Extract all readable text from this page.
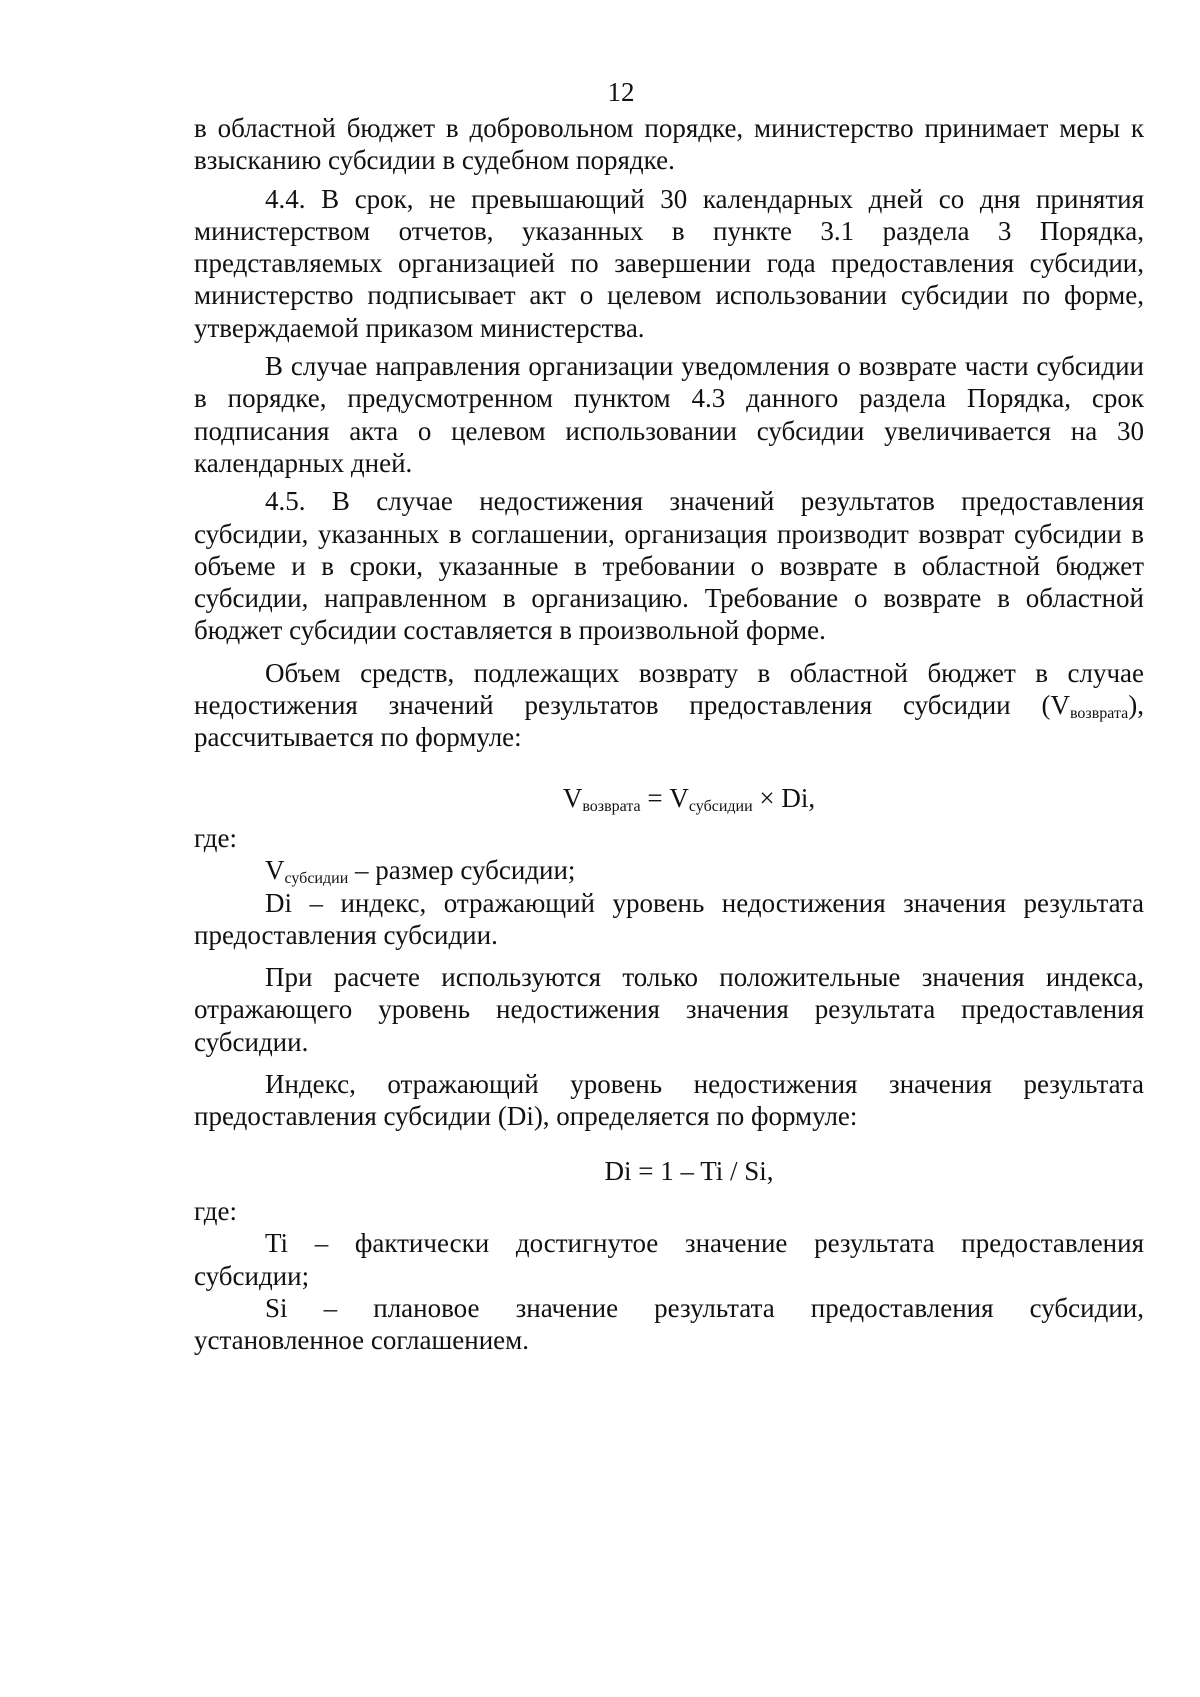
12

в областной бюджет в добровольном порядке, министерство принимает меры к взысканию субсидии в судебном порядке.

4.4. В срок, не превышающий 30 календарных дней со дня принятия министерством отчетов, указанных в пункте 3.1 раздела 3 Порядка, представляемых организацией по завершении года предоставления субсидии, министерство подписывает акт о целевом использовании субсидии по форме, утверждаемой приказом министерства.

В случае направления организации уведомления о возврате части субсидии в порядке, предусмотренном пунктом 4.3 данного раздела Порядка, срок подписания акта о целевом использовании субсидии увеличивается на 30 календарных дней.

4.5. В случае недостижения значений результатов предоставления субсидии, указанных в соглашении, организация производит возврат субсидии в объеме и в сроки, указанные в требовании о возврате в областной бюджет субсидии, направленном в организацию. Требование о возврате в областной бюджет субсидии составляется в произвольной форме.

Объем средств, подлежащих возврату в областной бюджет в случае недостижения значений результатов предоставления субсидии $(V_{возврата})$, рассчитывается по формуле:

$V_{возврата} = V_{субсидии} \times Di$,

где:

$V_{субсидии}$ – размер субсидии;

Di – индекс, отражающий уровень недостижения значения результата предоставления субсидии.

При расчете используются только положительные значения индекса, отражающего уровень недостижения значения результата предоставления субсидии.

Индекс, отражающий уровень недостижения значения результата предоставления субсидии (Di), определяется по формуле:

Di = 1 – Ti / Si,

где:

Ti – фактически достигнутое значение результата предоставления субсидии;

Si – плановое значение результата предоставления субсидии, установленное соглашением.
